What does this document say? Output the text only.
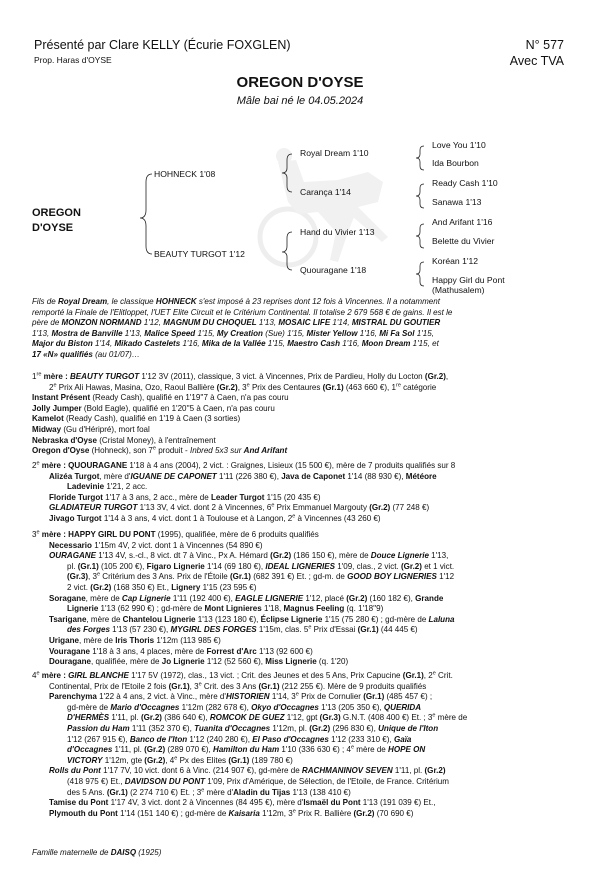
Présenté par Clare KELLY (Écurie FOXGLEN)
Prop. Haras d'OYSE
N° 577
Avec TVA
OREGON D'OYSE
Mâle bai né le 04.05.2024
OREGON
D'OYSE
HOHNECK 1'08
BEAUTY TURGOT 1'12
Royal Dream 1'10
Carança 1'14
Hand du Vivier 1'13
Quouragane 1'18
Love You 1'10
Ida Bourbon
Ready Cash 1'10
Sanawa 1'13
And Arifant 1'16
Belette du Vivier
Koréan 1'12
Happy Girl du Pont
(Mathusalem)
Fils de Royal Dream, le classique HOHNECK s'est imposé à 23 reprises dont 12 fois à Vincennes. Il a notamment
remporté la Finale de l'Elitloppet, l'UET Elite Circuit et le Critérium Continental. Il totalise 2 679 568 € de gains. Il est le
père de MONZON NORMAND 1'12, MAGNUM DU CHOQUEL 1'13, MOSAIC LIFE 1'14, MISTRAL DU GOUTIER
1'13, Mostra de Banville 1'13, Malice Speed 1'15, My Creation (Sue) 1'15, Mister Yellow 1'16, Mi Fa Sol 1'15,
Major du Biston 1'14, Mikado Castelets 1'16, Mika de la Vallée 1'15, Maestro Cash 1'16, Moon Dream 1'15, et
17 «N» qualifiés (au 01/07)…
1re mère : BEAUTY TURGOT 1'12 3V (2011), classique, 3 vict. à Vincennes, Prix de Pardieu, Holly du Locton (Gr.2),
2e Prix Ali Hawas, Masina, Ozo, Raoul Ballière (Gr.2), 3e Prix des Centaures (Gr.1) (463 660 €), 1re catégorie
Instant Présent (Ready Cash), qualifié en 1'19''7 à Caen, n'a pas couru
Jolly Jumper (Bold Eagle), qualifié en 1'20''5 à Caen, n'a pas couru
Kamelot (Ready Cash), qualifié en 1'19 à Caen (3 sorties)
Midway (Gu d'Héripré), mort foal
Nebraska d'Oyse (Cristal Money), à l'entraînement
Oregon d'Oyse (Hohneck), son 7e produit - Inbred 5x3 sur And Arifant
2e mère : QUOURAGANE 1'18 à 4 ans (2004), 2 vict. : Graignes, Lisieux (15 500 €), mère de 7 produits qualifiés sur 8
Alizéa Turgot, mère d'IGUANE DE CAPONET 1'11 (226 380 €), Java de Caponet 1'14 (88 930 €), Météore
Ladevinie 1'21, 2 acc.
Floride Turgot 1'17 à 3 ans, 2 acc., mère de Leader Turgot 1'15 (20 435 €)
GLADIATEUR TURGOT 1'13 3V, 4 vict. dont 2 à Vincennes, 6e Prix Emmanuel Margouty (Gr.2) (77 248 €)
Jivago Turgot 1'14 à 3 ans, 4 vict. dont 1 à Toulouse et à Langon, 2e à Vincennes (43 260 €)
3e mère : HAPPY GIRL DU PONT (1995), qualifiée, mère de 6 produits qualifiés
Necessario 1'15m 4V, 2 vict. dont 1 à Vincennes (54 890 €)
OURAGANE 1'13 4V, s.-cl., 8 vict. dt 7 à Vinc., Px A. Hémard (Gr.2) (186 150 €), mère de Douce Lignerie 1'13,
pl. (Gr.1) (105 200 €), Figaro Lignerie 1'14 (69 180 €), IDEAL LIGNERIES 1'09, clas., 2 vict. (Gr.2) et 1 vict.
(Gr.3), 3e Critérium des 3 Ans. Prix de l'Étoile (Gr.1) (682 391 €) Et. ; gd-m. de GOOD BOY LIGNERIES 1'12
2 vict. (Gr.2) (168 350 €) Et., Lignery 1'15 (23 595 €)
Soragane, mère de Cap Lignerie 1'11 (192 400 €), EAGLE LIGNERIE 1'12, placé (Gr.2) (160 182 €), Grande
Lignerie 1'13 (62 990 €) ; gd-mère de Mont Lignieres 1'18, Magnus Feeling (q. 1'18''9)
Tsarigane, mère de Chantelou Lignerie 1'13 (123 180 €), Éclipse Lignerie 1'15 (75 280 €) ; gd-mère de Laluna
des Forges 1'13 (57 230 €), MYGIRL DES FORGES 1'15m, clas. 5e Prix d'Essai (Gr.1) (44 445 €)
Urigane, mère de Iris Thoris 1'12m (113 985 €)
Vouragane 1'18 à 3 ans, 4 places, mère de Forrest d'Arc 1'13 (92 600 €)
Douragane, qualifiée, mère de Jo Lignerie 1'12 (52 560 €), Miss Lignerie (q. 1'20)
4e mère : GIRL BLANCHE 1'17 5V (1972), clas., 13 vict. ; Crit. des Jeunes et des 5 Ans, Prix Capucine (Gr.1), 2e Crit.
Continental, Prix de l'Etoile 2 fois (Gr.1), 3e Crit. des 3 Ans (Gr.1) (212 255 €). Mère de 9 produits qualifiés
Parenchyma 1'22 à 4 ans, 2 vict. à Vinc., mère d'HISTORIEN 1'14, 3e Prix de Cornulier (Gr.1) (485 457 €) ;
gd-mère de Mario d'Occagnes 1'12m (282 678 €), Okyo d'Occagnes 1'13 (205 350 €), QUERIDA
D'HERMÈS 1'11, pl. (Gr.2) (386 640 €), ROMCOK DE GUEZ 1'12, gpt (Gr.3) G.N.T. (408 400 €) Et. ; 3e mère de
Passion du Ham 1'11 (352 370 €), Tuanita d'Occagnes 1'12m, pl. (Gr.2) (296 830 €), Unique de l'Iton
1'12 (267 915 €), Banco de l'Iton 1'12 (240 280 €), El Paso d'Occagnes 1'12 (233 310 €), Gaïa
d'Occagnes 1'11, pl. (Gr.2) (289 070 €), Hamilton du Ham 1'10 (336 630 €) ; 4e mère de HOPE ON
VICTORY 1'12m, gte (Gr.2), 4e Px des Elites (Gr.1) (189 780 €)
Rolls du Pont 1'17 7V, 10 vict. dont 6 à Vinc. (214 907 €), gd-mère de RACHMANINOV SEVEN 1'11, pl. (Gr.2)
(418 975 €) Et., DAVIDSON DU PONT 1'09, Prix d'Amérique, de Sélection, de l'Etoile, de France. Critérium
des 5 Ans. (Gr.1) (2 274 710 €) Et. ; 3e mère d'Aladin du Tijas 1'13 (138 410 €)
Tamise du Pont 1'17 4V, 3 vict. dont 2 à Vincennes (84 495 €), mère d'Ismaël du Pont 1'13 (191 039 €) Et.,
Plymouth du Pont 1'14 (151 140 €) ; gd-mère de Kaisaria 1'12m, 3e Prix R. Ballière (Gr.2) (70 690 €)
Famille maternelle de DAISQ (1925)
